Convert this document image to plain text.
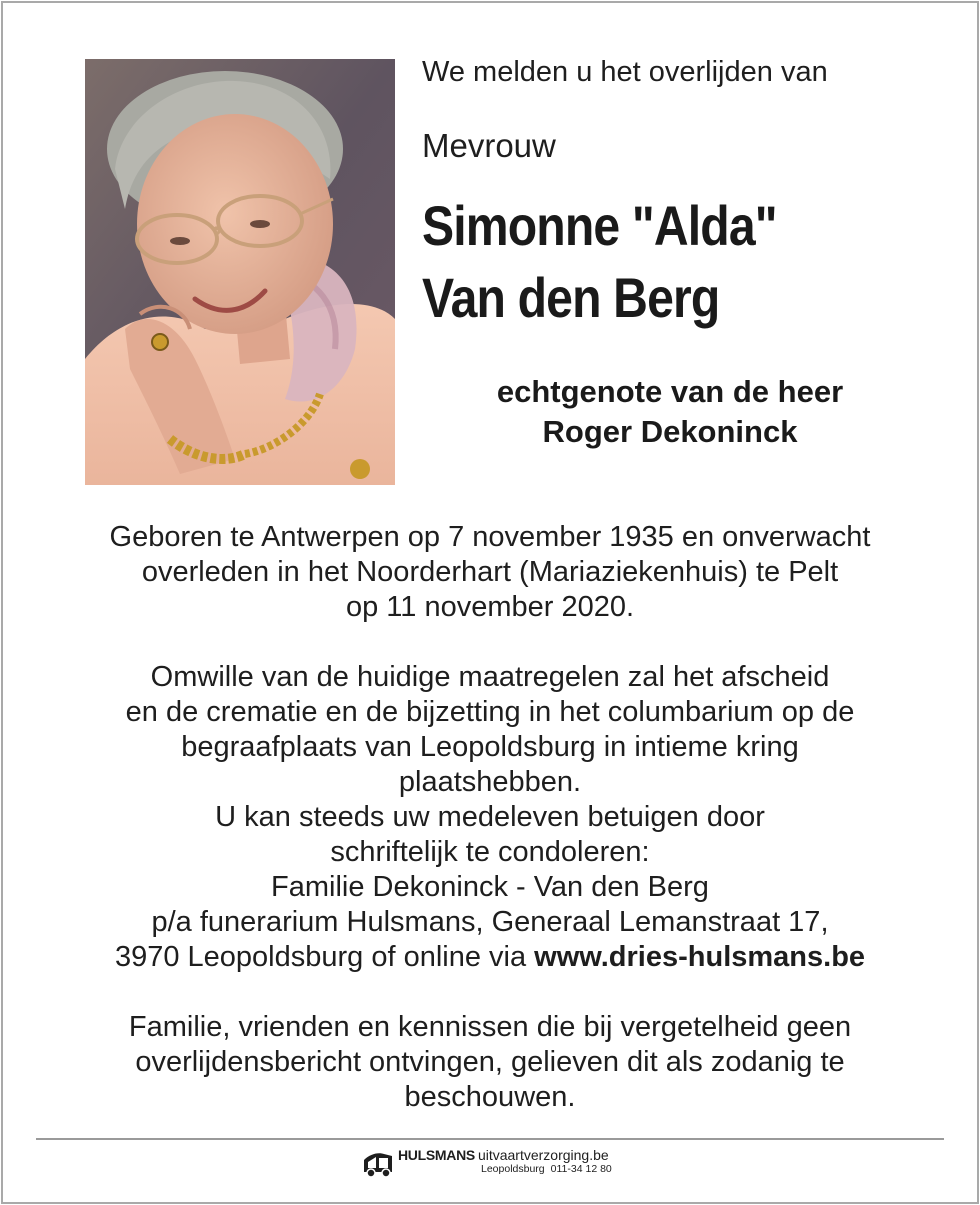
We melden u het overlijden van
Mevrouw
Simonne "Alda"
Van den Berg
echtgenote van de heer
Roger Dekoninck
Geboren te Antwerpen op 7 november 1935 en onverwacht
overleden in het Noorderhart (Mariaziekenhuis) te Pelt
op 11 november 2020.
Omwille van de huidige maatregelen zal het afscheid
en de crematie en de bijzetting in het columbarium op de
begraafplaats van Leopoldsburg in intieme kring
plaatshebben.
U kan steeds uw medeleven betuigen door
schriftelijk te condoleren:
Familie Dekoninck - Van den Berg
p/a funerarium Hulsmans, Generaal Lemanstraat 17,
3970 Leopoldsburg of online via www.dries-hulsmans.be
Familie, vrienden en kennissen die bij vergetelheid geen
overlijdensbericht ontvingen, gelieven dit als zodanig te
beschouwen.
HULSMANS uitvaartverzorging.be
Leopoldsburg 011-34 12 80
